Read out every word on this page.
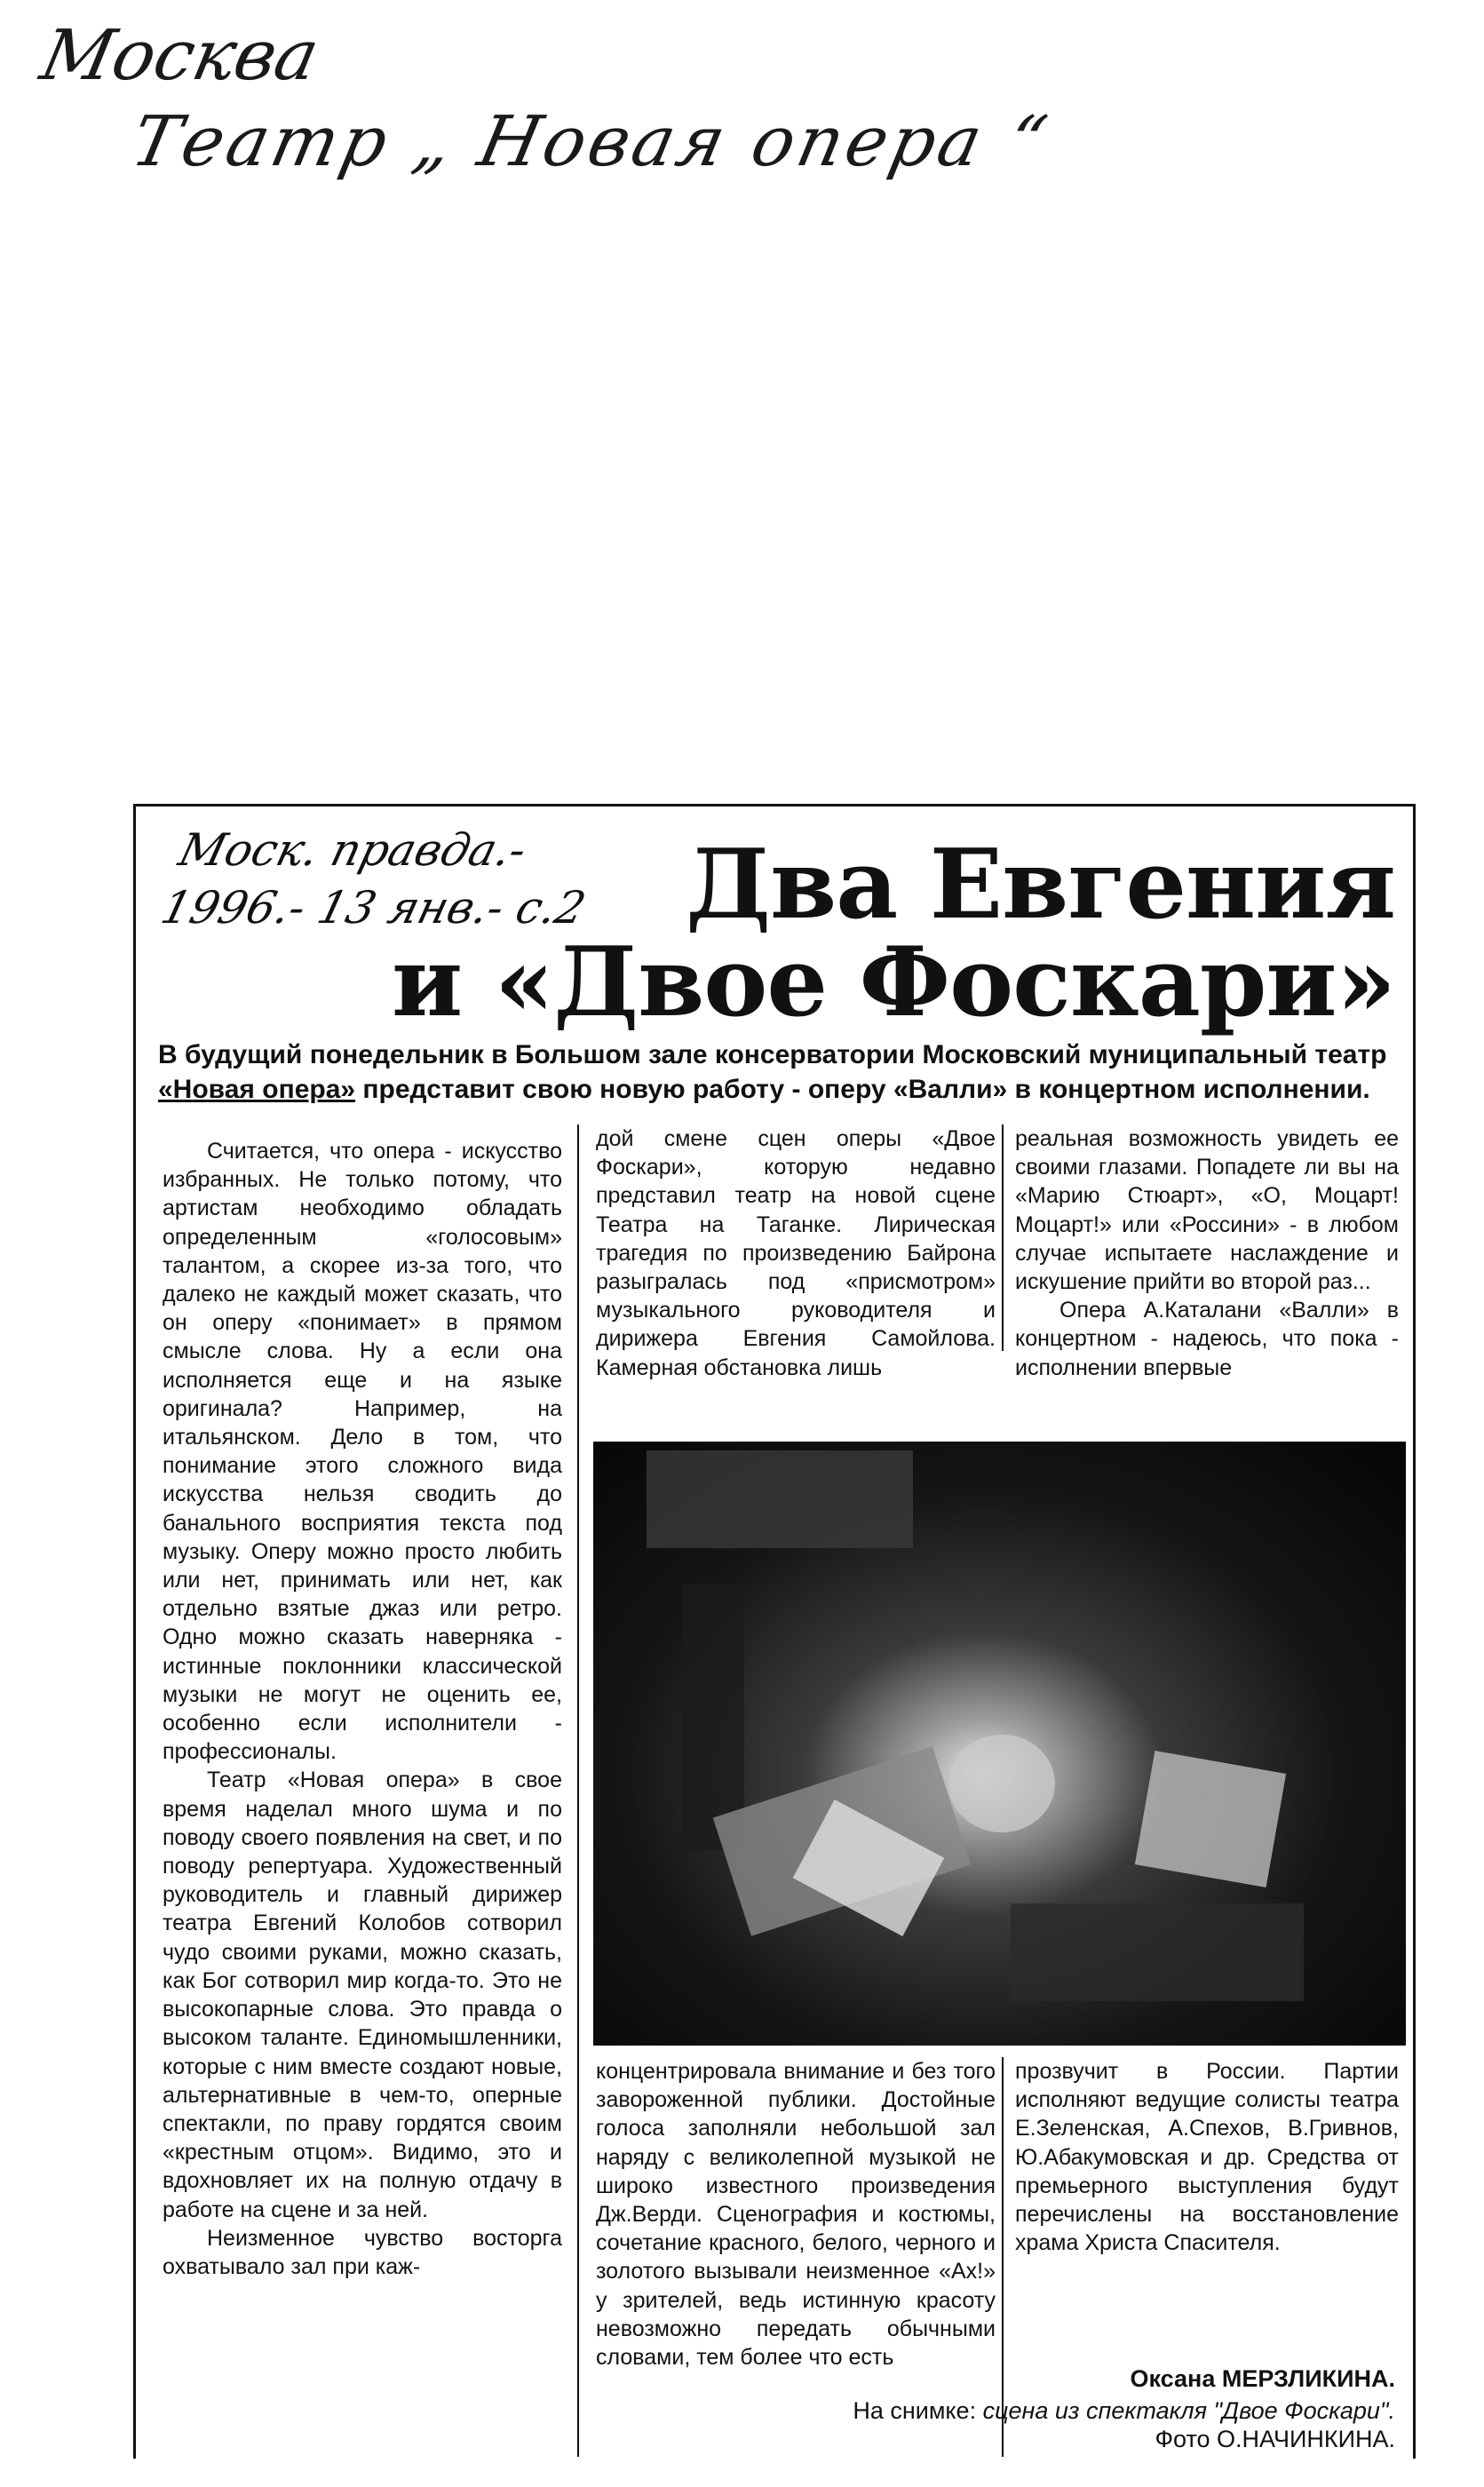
Москва
Театр „ Новая опера “
Моск. правда.-
1996.- 13 янв.- с.2 Два Евгения
и «Двое Фоскари»
В будущий понедельник в Большом зале консерватории Московский муниципальный театр «Новая опера» представит свою новую работу - оперу «Валли» в концертном исполнении.

Считается, что опера - искусство избранных. Не только потому, что артистам необходимо обладать определенным «голосовым» талантом, а скорее из-за того, что далеко не каждый может сказать, что он оперу «понимает» в прямом смысле слова. Ну а если она исполняется еще и на языке оригинала? Например, на итальянском. Дело в том, что понимание этого сложного вида искусства нельзя сводить до банального восприятия текста под музыку. Оперу можно просто любить или нет, принимать или нет, как отдельно взятые джаз или ретро. Одно можно сказать наверняка - истинные поклонники классической музыки не могут не оценить ее, особенно если исполнители - профессионалы.

Театр «Новая опера» в свое время наделал много шума и по поводу своего появления на свет, и по поводу репертуара. Художественный руководитель и главный дирижер театра Евгений Колобов сотворил чудо своими руками, можно сказать, как Бог сотворил мир когда-то. Это не высокопарные слова. Это правда о высоком таланте. Единомышленники, которые с ним вместе создают новые, альтернативные в чем-то, оперные спектакли, по праву гордятся своим «крестным отцом». Видимо, это и вдохновляет их на полную отдачу в работе на сцене и за ней.

Неизменное чувство восторга охватывало зал при каж-

дой смене сцен оперы «Двое Фоскари», которую недавно представил театр на новой сцене Театра на Таганке. Лирическая трагедия по произведению Байрона разыгралась под «присмотром» музыкального руководителя и дирижера Евгения Самойлова. Камерная обстановка лишь

реальная возможность увидеть ее своими глазами. Попадете ли вы на «Марию Стюарт», «О, Моцарт! Моцарт!» или «Россини» - в любом случае испытаете наслаждение и искушение прийти во второй раз...

Опера А.Каталани «Валли» в концертном - надеюсь, что пока - исполнении впервые

концентрировала внимание и без того завороженной публики. Достойные голоса заполняли небольшой зал наряду с великолепной музыкой не широко известного произведения Дж.Верди. Сценография и костюмы, сочетание красного, белого, черного и золотого вызывали неизменное «Ах!» у зрителей, ведь истинную красоту невозможно передать обычными словами, тем более что есть

прозвучит в России. Партии исполняют ведущие солисты театра Е.Зеленская, А.Спехов, В.Гривнов, Ю.Абакумовская и др. Средства от премьерного выступления будут перечислены на восстановление храма Христа Спасителя.

Оксана МЕРЗЛИКИНА.
На снимке: сцена из спектакля "Двое Фоскари".
Фото О.НАЧИНКИНА.
